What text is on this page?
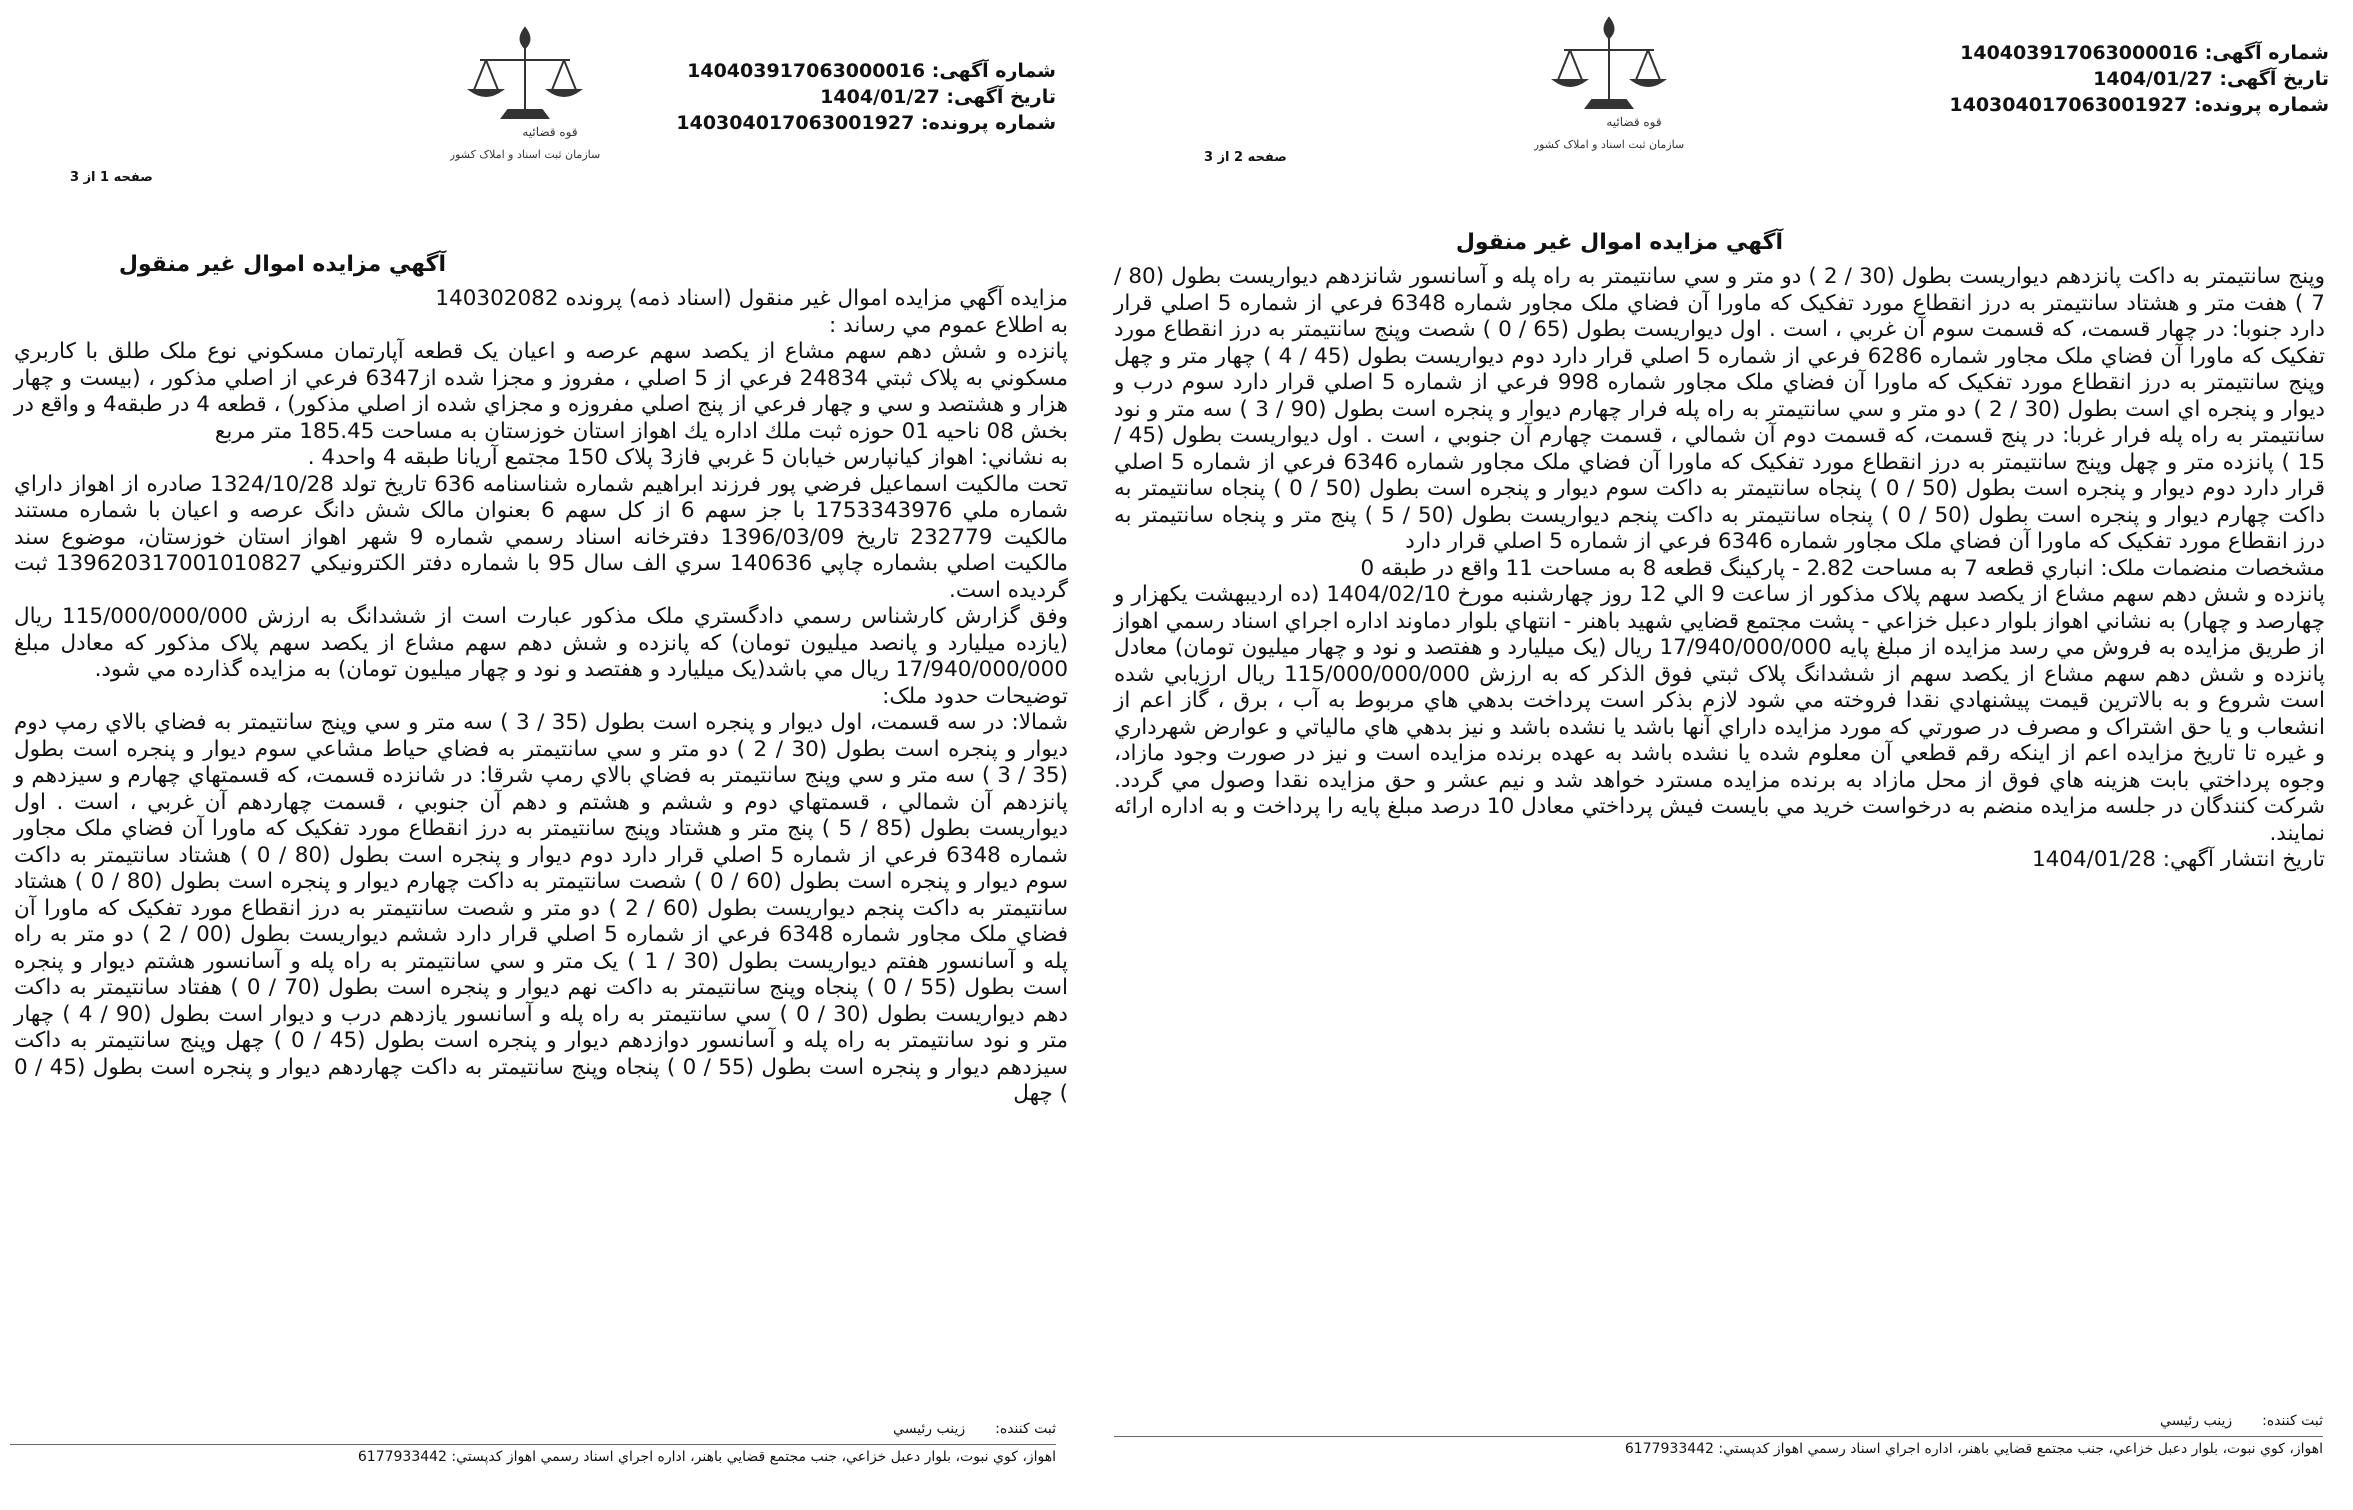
شماره آگهی: 140403917063000016
تاريخ آگهی: 1404/01/27
شماره پرونده: 140304017063001927
قوه قضائیه
سازمان ثبت اسناد و املاک کشور
صفحه 1 از 3
آگهي مزايده اموال غير منقول

مزايده آگهي مزايده اموال غير منقول (اسناد ذمه) پرونده 140302082

به اطلاع عموم مي رساند :

پانزده و شش دهم سهم مشاع از يکصد سهم عرصه و اعيان يک قطعه آپارتمان مسکوني نوع ملک طلق با کاربري مسکوني به پلاک ثبتي 24834 فرعي از 5 اصلي ، مفروز و مجزا شده از6347 فرعي از اصلي مذکور ، (بيست و چهار هزار و هشتصد و سي و چهار فرعي از پنج اصلي مفروزه و مجزاي شده از اصلي مذکور) ، قطعه 4 در طبقه4 و واقع در بخش 08 ناحيه 01 حوزه ثبت ملك اداره يك اهواز استان خوزستان به مساحت 185.45 متر مربع

به نشاني: اهواز کيانپارس خيابان 5 غربي فاز3 پلاک 150 مجتمع آريانا طبقه 4 واحد4 .

تحت مالکيت اسماعيل فرضي پور فرزند ابراهيم شماره شناسنامه 636 تاريخ تولد 1324/10/28 صادره از اهواز داراي شماره ملي 1753343976 با جز سهم 6 از کل سهم 6 بعنوان مالک شش دانگ عرصه و اعيان با شماره مستند مالکيت 232779 تاريخ 1396/03/09 دفترخانه اسناد رسمي شماره 9 شهر اهواز استان خوزستان، موضوع سند مالکيت اصلي بشماره چاپي 140636 سري الف سال 95 با شماره دفتر الکترونيکي 139620317001010827 ثبت گرديده است.

وفق گزارش کارشناس رسمي دادگستري ملک مذکور عبارت است از ششدانگ به ارزش 115/000/000/000 ريال (يازده ميليارد و پانصد ميليون تومان) که پانزده و شش دهم سهم مشاع از يکصد سهم پلاک مذکور که معادل مبلغ 17/940/000/000 ريال مي باشد(يک ميليارد و هفتصد و نود و چهار ميليون تومان) به مزايده گذارده مي شود.

توضيحات حدود ملک:

شمالا: در سه قسمت، اول ديوار و پنجره است بطول (35 / 3 ) سه متر و سي وپنج سانتيمتر به فضاي بالاي رمپ دوم ديوار و پنجره است بطول (30 / 2 ) دو متر و سي سانتيمتر به فضاي حياط مشاعي سوم ديوار و پنجره است بطول (35 / 3 ) سه متر و سي وپنج سانتيمتر به فضاي بالاي رمپ شرقا: در شانزده قسمت، که قسمتهاي چهارم و سيزدهم و پانزدهم آن شمالي ، قسمتهاي دوم و ششم و هشتم و دهم آن جنوبي ، قسمت چهاردهم آن غربي ، است . اول ديواريست بطول (85 / 5 ) پنج متر و هشتاد وپنج سانتيمتر به درز انقطاع مورد تفکيک که ماورا آن فضاي ملک مجاور شماره 6348 فرعي از شماره 5 اصلي قرار دارد دوم ديوار و پنجره است بطول (80 / 0 ) هشتاد سانتيمتر به داکت سوم ديوار و پنجره است بطول (60 / 0 ) شصت سانتيمتر به داکت چهارم ديوار و پنجره است بطول (80 / 0 ) هشتاد سانتيمتر به داکت پنجم ديواريست بطول (60 / 2 ) دو متر و شصت سانتيمتر به درز انقطاع مورد تفکيک که ماورا آن فضاي ملک مجاور شماره 6348 فرعي از شماره 5 اصلي قرار دارد ششم ديواريست بطول (00 / 2 ) دو متر به راه پله و آسانسور هفتم ديواريست بطول (30 / 1 ) يک متر و سي سانتيمتر به راه پله و آسانسور هشتم ديوار و پنجره است بطول (55 / 0 ) پنجاه وپنج سانتيمتر به داکت نهم ديوار و پنجره است بطول (70 / 0 ) هفتاد سانتيمتر به داکت دهم ديواريست بطول (30 / 0 ) سي سانتيمتر به راه پله و آسانسور يازدهم درب و ديوار است بطول (90 / 4 ) چهار متر و نود سانتيمتر به راه پله و آسانسور دوازدهم ديوار و پنجره است بطول (45 / 0 ) چهل وپنج سانتيمتر به داکت سيزدهم ديوار و پنجره است بطول (55 / 0 ) پنجاه وپنج سانتيمتر به داکت چهاردهم ديوار و پنجره است بطول (45 / 0 ) چهل

ثبت كننده:
زينب رئيسي
اهواز، كوي نبوت، بلوار دعبل خزاعي، جنب مجتمع قضايي باهنر، اداره اجراي اسناد رسمي اهواز كدپستي: 6177933442
شماره آگهی: 140403917063000016
تاريخ آگهی: 1404/01/27
شماره پرونده: 140304017063001927
قوه قضائیه
سازمان ثبت اسناد و املاک کشور
صفحه 2 از 3
آگهي مزايده اموال غير منقول

وپنج سانتيمتر به داکت پانزدهم ديواريست بطول (30 / 2 ) دو متر و سي سانتيمتر به راه پله و آسانسور شانزدهم ديواريست بطول (80 / 7 ) هفت متر و هشتاد سانتيمتر به درز انقطاع مورد تفکيک که ماورا آن فضاي ملک مجاور شماره 6348 فرعي از شماره 5 اصلي قرار دارد جنوبا: در چهار قسمت، که قسمت سوم آن غربي ، است . اول ديواريست بطول (65 / 0 ) شصت وپنج سانتيمتر به درز انقطاع مورد تفکيک که ماورا آن فضاي ملک مجاور شماره 6286 فرعي از شماره 5 اصلي قرار دارد دوم ديواريست بطول (45 / 4 ) چهار متر و چهل وپنج سانتيمتر به درز انقطاع مورد تفکيک که ماورا آن فضاي ملک مجاور شماره 998 فرعي از شماره 5 اصلي قرار دارد سوم درب و ديوار و پنجره اي است بطول (30 / 2 ) دو متر و سي سانتيمتر به راه پله فرار چهارم ديوار و پنجره است بطول (90 / 3 ) سه متر و نود سانتيمتر به راه پله فرار غربا: در پنج قسمت، که قسمت دوم آن شمالي ، قسمت چهارم آن جنوبي ، است . اول ديواريست بطول (45 / 15 ) پانزده متر و چهل وپنج سانتيمتر به درز انقطاع مورد تفکيک که ماورا آن فضاي ملک مجاور شماره 6346 فرعي از شماره 5 اصلي قرار دارد دوم ديوار و پنجره است بطول (50 / 0 ) پنجاه سانتيمتر به داکت سوم ديوار و پنجره است بطول (50 / 0 ) پنجاه سانتيمتر به داکت چهارم ديوار و پنجره است بطول (50 / 0 ) پنجاه سانتيمتر به داکت پنجم ديواريست بطول (50 / 5 ) پنج متر و پنجاه سانتيمتر به درز انقطاع مورد تفکيک که ماورا آن فضاي ملک مجاور شماره 6346 فرعي از شماره 5 اصلي قرار دارد

مشخصات منضمات ملک: انباري قطعه 7 به مساحت 2.82 - پارکينگ قطعه 8 به مساحت 11 واقع در طبقه 0

پانزده و شش دهم سهم مشاع از يکصد سهم پلاک مذکور از ساعت 9 الي 12 روز چهارشنبه مورخ 1404/02/10 (ده ارديبهشت يکهزار و چهارصد و چهار) به نشاني اهواز بلوار دعبل خزاعي - پشت مجتمع قضايي شهيد باهنر - انتهاي بلوار دماوند اداره اجراي اسناد رسمي اهواز از طريق مزايده به فروش مي رسد مزايده از مبلغ پايه 17/940/000/000 ريال (يک ميليارد و هفتصد و نود و چهار ميليون تومان) معادل پانزده و شش دهم سهم مشاع از يکصد سهم از ششدانگ پلاک ثبتي فوق الذکر که به ارزش 115/000/000/000 ريال ارزيابي شده است شروع و به بالاترين قيمت پيشنهادي نقدا فروخته مي شود لازم بذکر است پرداخت بدهي هاي مربوط به آب ، برق ، گاز اعم از انشعاب و يا حق اشتراک و مصرف در صورتي که مورد مزايده داراي آنها باشد يا نشده باشد و نيز بدهي هاي مالياتي و عوارض شهرداري و غيره تا تاريخ مزايده اعم از اينکه رقم قطعي آن معلوم شده يا نشده باشد به عهده برنده مزايده است و نيز در صورت وجود مازاد، وجوه پرداختي بابت هزينه هاي فوق از محل مازاد به برنده مزايده مسترد خواهد شد و نيم عشر و حق مزايده نقدا وصول مي گردد. شرکت کنندگان در جلسه مزايده منضم به درخواست خريد مي بايست فيش پرداختي معادل 10 درصد مبلغ پايه را پرداخت و به اداره ارائه نمايند.

تاريخ انتشار آگهي: 1404/01/28

ثبت كننده:
زينب رئيسي
اهواز، كوي نبوت، بلوار دعبل خزاعي، جنب مجتمع قضايي باهنر، اداره اجراي اسناد رسمي اهواز كدپستي: 6177933442
